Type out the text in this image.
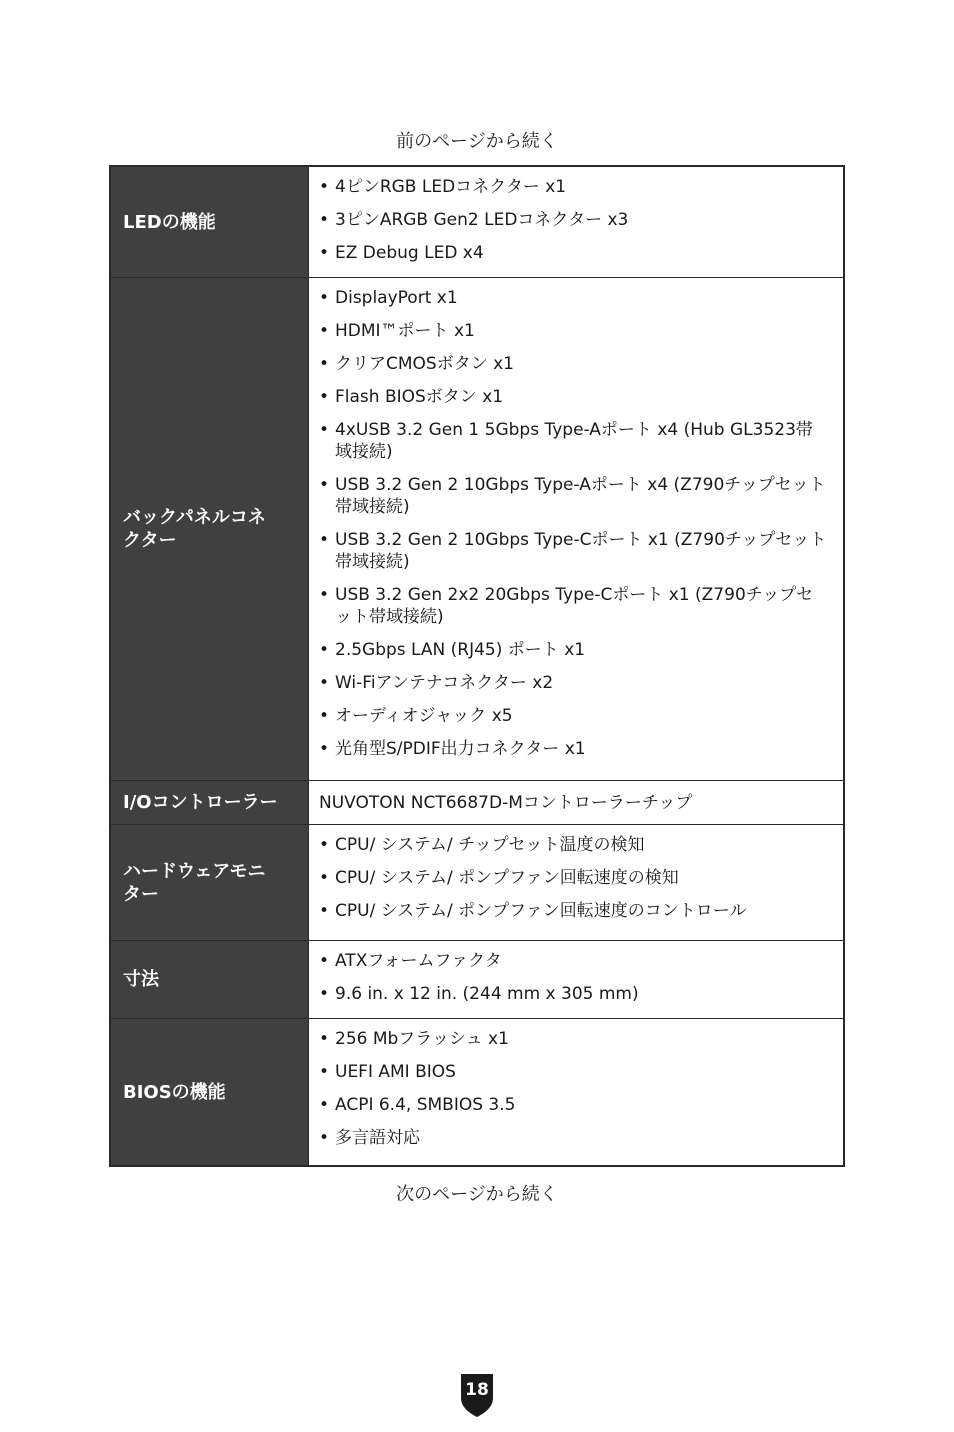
前のページから続く
LEDの機能
• 4ピンRGB LEDコネクター x1
• 3ピンARGB Gen2 LEDコネクター x3
• EZ Debug LED x4
バックパネルコネ
クター
• DisplayPort x1
• HDMI™ポート x1
• クリアCMOSボタン x1
• Flash BIOSボタン x1
• 4xUSB 3.2 Gen 1 5Gbps Type-Aポート x4 (Hub GL3523帯域接続)
• USB 3.2 Gen 2 10Gbps Type-Aポート x4 (Z790チップセット帯域接続)
• USB 3.2 Gen 2 10Gbps Type-Cポート x1 (Z790チップセット帯域接続)
• USB 3.2 Gen 2x2 20Gbps Type-Cポート x1 (Z790チップセット帯域接続)
• 2.5Gbps LAN (RJ45) ポート x1
• Wi-Fiアンテナコネクター x2
• オーディオジャック x5
• 光角型S/PDIF出力コネクター x1
I/Oコントローラー	NUVOTON NCT6687D-Mコントローラーチップ
ハードウェアモニ
ター
• CPU/ システム/ チップセット温度の検知
• CPU/ システム/ ポンプファン回転速度の検知
• CPU/ システム/ ポンプファン回転速度のコントロール
寸法
• ATXフォームファクタ
• 9.6 in. x 12 in. (244 mm x 305 mm)
BIOSの機能
• 256 Mbフラッシュ x1
• UEFI AMI BIOS
• ACPI 6.4, SMBIOS 3.5
• 多言語対応
次のページから続く
18
